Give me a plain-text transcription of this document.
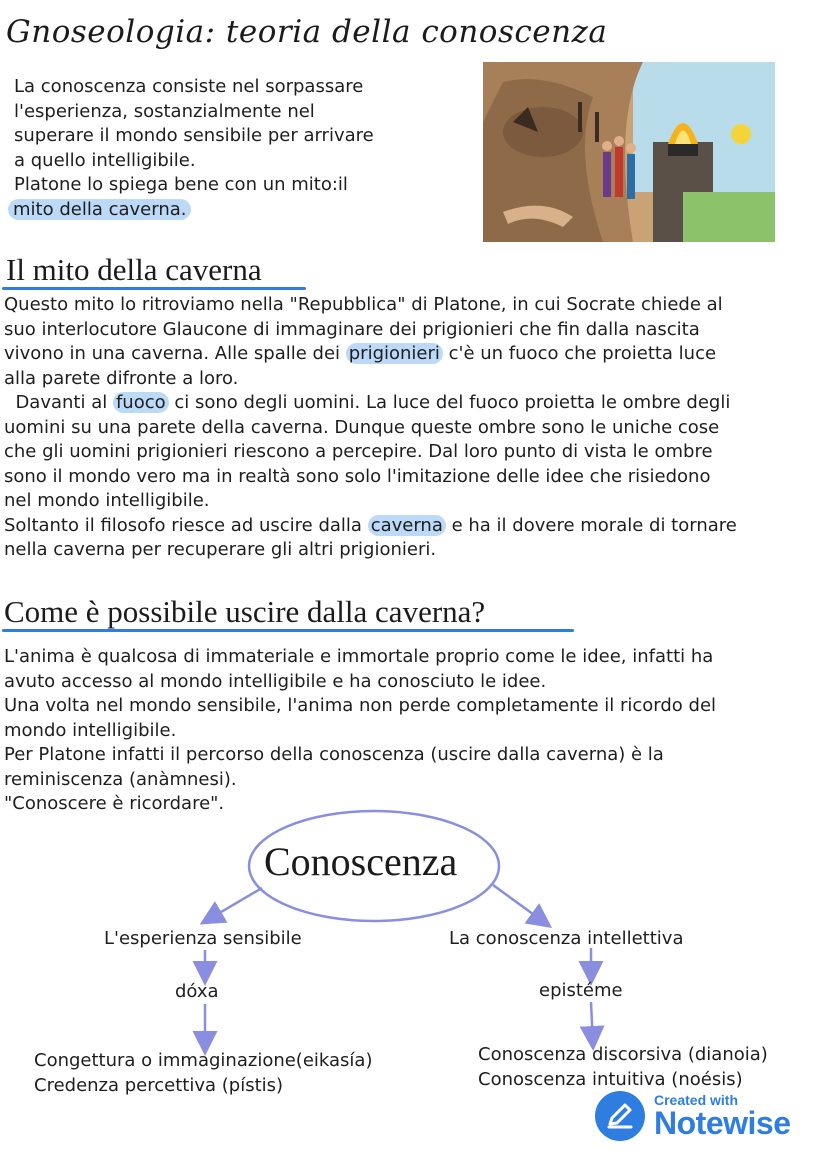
Gnoseologia: teoria della conoscenza
La conoscenza consiste nel sorpassare
l'esperienza, sostanzialmente nel
superare il mondo sensibile per arrivare
a quello intelligibile.
Platone lo spiega bene con un mito:il
mito della caverna.
Il mito della caverna
Questo mito lo ritroviamo nella "Repubblica" di Platone, in cui Socrate chiede al
suo interlocutore Glaucone di immaginare dei prigionieri che fin dalla nascita
vivono in una caverna. Alle spalle dei prigionieri c'è un fuoco che proietta luce
alla parete difronte a loro.
Davanti al fuoco ci sono degli uomini. La luce del fuoco proietta le ombre degli
uomini su una parete della caverna. Dunque queste ombre sono le uniche cose
che gli uomini prigionieri riescono a percepire. Dal loro punto di vista le ombre
sono il mondo vero ma in realtà sono solo l'imitazione delle idee che risiedono
nel mondo intelligibile.
Soltanto il filosofo riesce ad uscire dalla caverna e ha il dovere morale di tornare
nella caverna per recuperare gli altri prigionieri.
Come è possibile uscire dalla caverna?
L'anima è qualcosa di immateriale e immortale proprio come le idee, infatti ha
avuto accesso al mondo intelligibile e ha conosciuto le idee.
Una volta nel mondo sensibile, l'anima non perde completamente il ricordo del
mondo intelligibile.
Per Platone infatti il percorso della conoscenza (uscire dalla caverna) è la
reminiscenza (anàmnesi).
"Conoscere è ricordare".
Conoscenza
L'esperienza sensibile
dóxa
Congettura o immaginazione(eikasía)
Credenza percettiva (pístis)
La conoscenza intellettiva
epistéme
Conoscenza discorsiva (dianoia)
Conoscenza intuitiva (noésis)
Created with
Notewise
